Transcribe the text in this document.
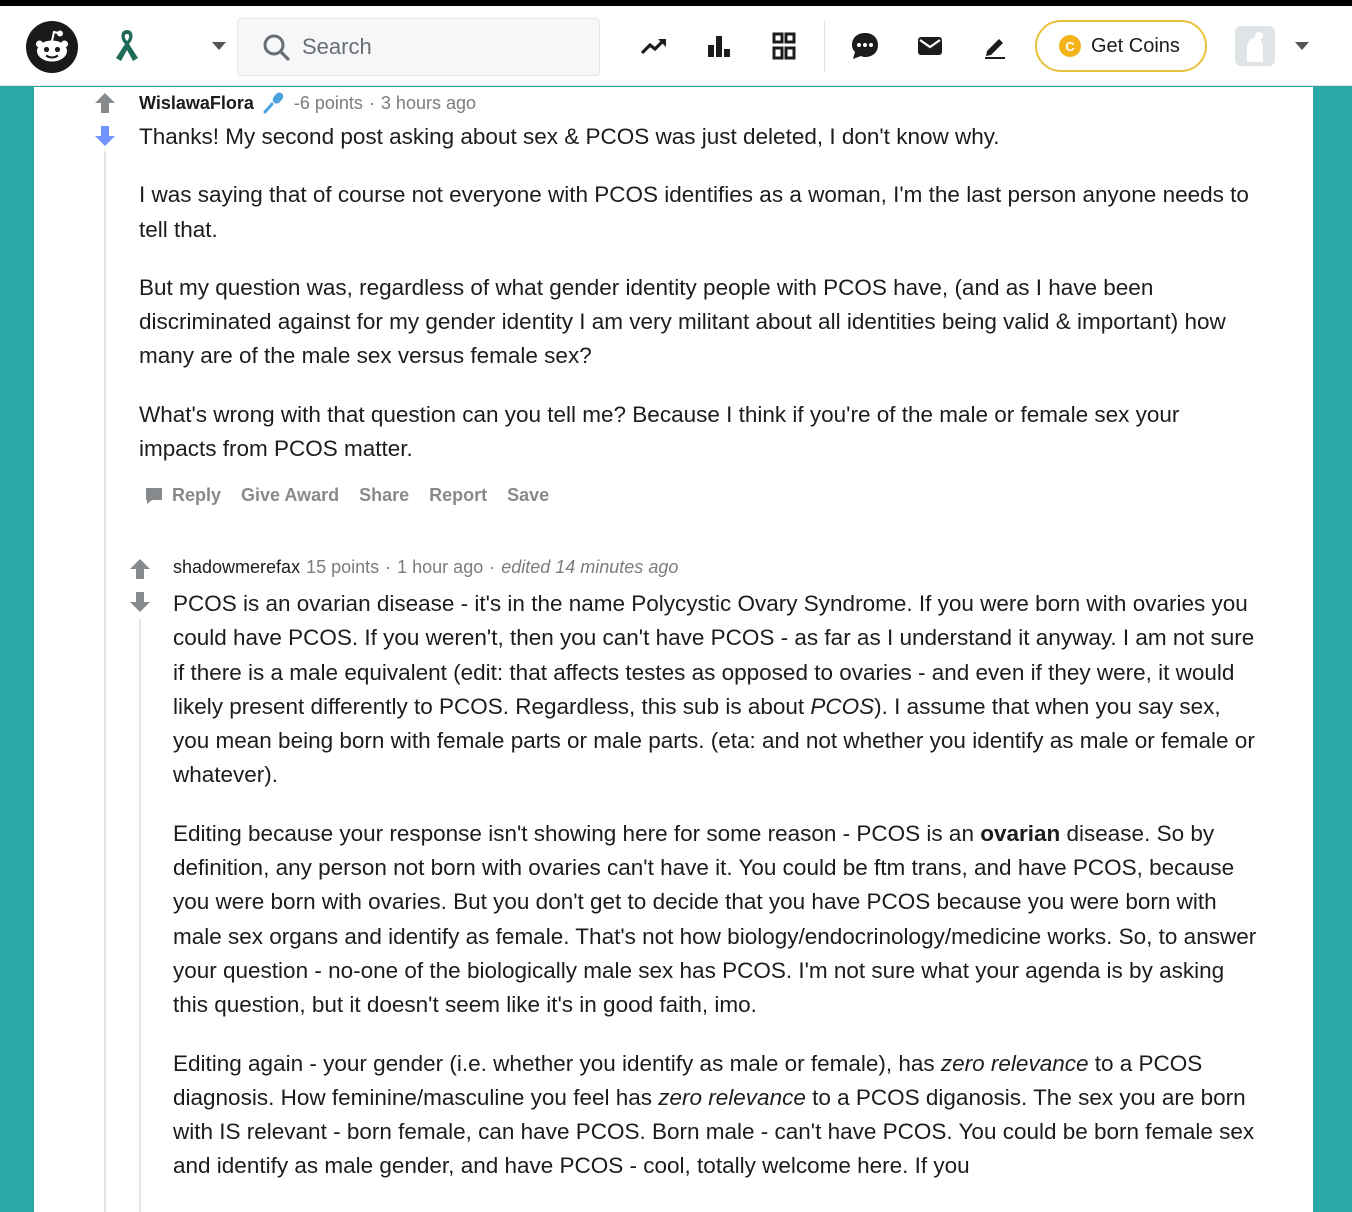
Search
C Get Coins
WislawaFlora -6 points · 3 hours ago

Thanks! My second post asking about sex & PCOS was just deleted, I don't know why.

I was saying that of course not everyone with PCOS identifies as a woman, I'm the last person anyone needs to tell that.

But my question was, regardless of what gender identity people with PCOS have, (and as I have been discriminated against for my gender identity I am very militant about all identities being valid & important) how many are of the male sex versus female sex?

What's wrong with that question can you tell me? Because I think if you're of the male or female sex your impacts from PCOS matter.

Reply Give Award Share Report Save
shadowmerefax 15 points · 1 hour ago · edited 14 minutes ago

PCOS is an ovarian disease - it's in the name Polycystic Ovary Syndrome. If you were born with ovaries you could have PCOS. If you weren't, then you can't have PCOS - as far as I understand it anyway. I am not sure if there is a male equivalent (edit: that affects testes as opposed to ovaries - and even if they were, it would likely present differently to PCOS. Regardless, this sub is about PCOS). I assume that when you say sex, you mean being born with female parts or male parts. (eta: and not whether you identify as male or female or whatever).

Editing because your response isn't showing here for some reason - PCOS is an ovarian disease. So by definition, any person not born with ovaries can't have it. You could be ftm trans, and have PCOS, because you were born with ovaries. But you don't get to decide that you have PCOS because you were born with male sex organs and identify as female. That's not how biology/endocrinology/medicine works. So, to answer your question - no-one of the biologically male sex has PCOS. I'm not sure what your agenda is by asking this question, but it doesn't seem like it's in good faith, imo.

Editing again - your gender (i.e. whether you identify as male or female), has zero relevance to a PCOS diagnosis. How feminine/masculine you feel has zero relevance to a PCOS diganosis. The sex you are born with IS relevant - born female, can have PCOS. Born male - can't have PCOS. You could be born female sex and identify as male gender, and have PCOS - cool, totally welcome here. If you
